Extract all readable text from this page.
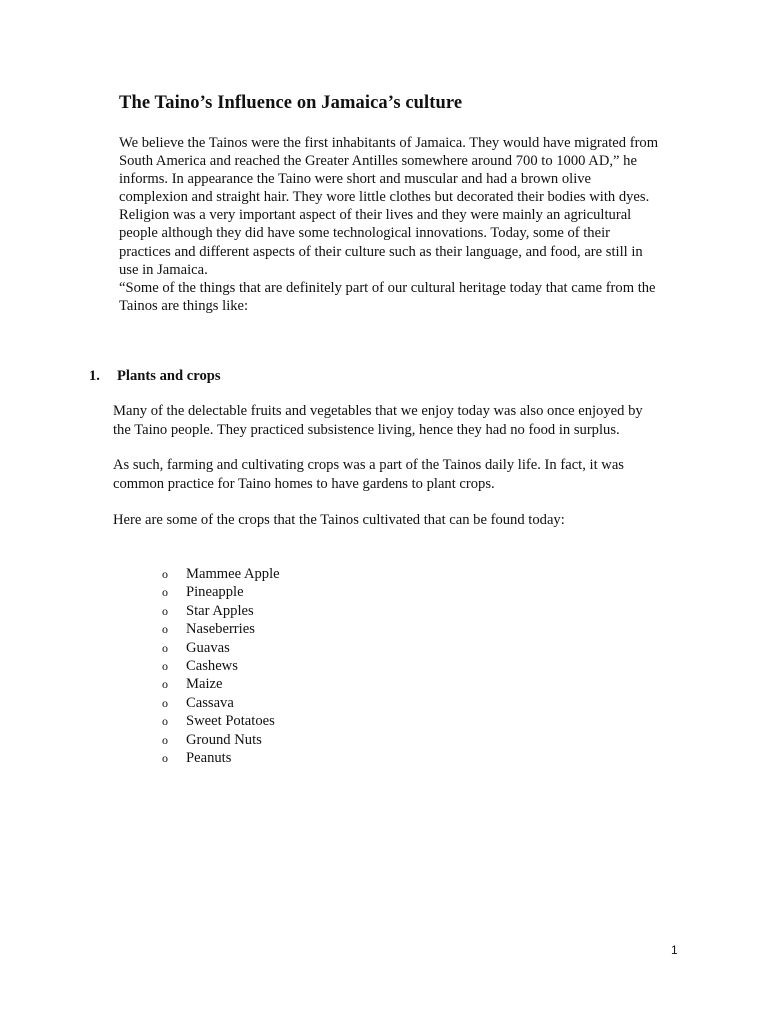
The Taino’s Influence on Jamaica’s culture
We believe the Tainos were the first inhabitants of Jamaica. They would have migrated from
South America and reached the Greater Antilles somewhere around 700 to 1000 AD,” he
informs. In appearance the Taino were short and muscular and had a brown olive
complexion and straight hair. They wore little clothes but decorated their bodies with dyes.
Religion was a very important aspect of their lives and they were mainly an agricultural
people although they did have some technological innovations. Today, some of their
practices and different aspects of their culture such as their language, and food, are still in
use in Jamaica.
“Some of the things that are definitely part of our cultural heritage today that came from the
Tainos are things like:
1. Plants and crops
Many of the delectable fruits and vegetables that we enjoy today was also once enjoyed by
the Taino people. They practiced subsistence living, hence they had no food in surplus.
As such, farming and cultivating crops was a part of the Tainos daily life. In fact, it was
common practice for Taino homes to have gardens to plant crops.
Here are some of the crops that the Tainos cultivated that can be found today:
o Mammee Apple
o Pineapple
o Star Apples
o Naseberries
o Guavas
o Cashews
o Maize
o Cassava
o Sweet Potatoes
o Ground Nuts
o Peanuts
1
